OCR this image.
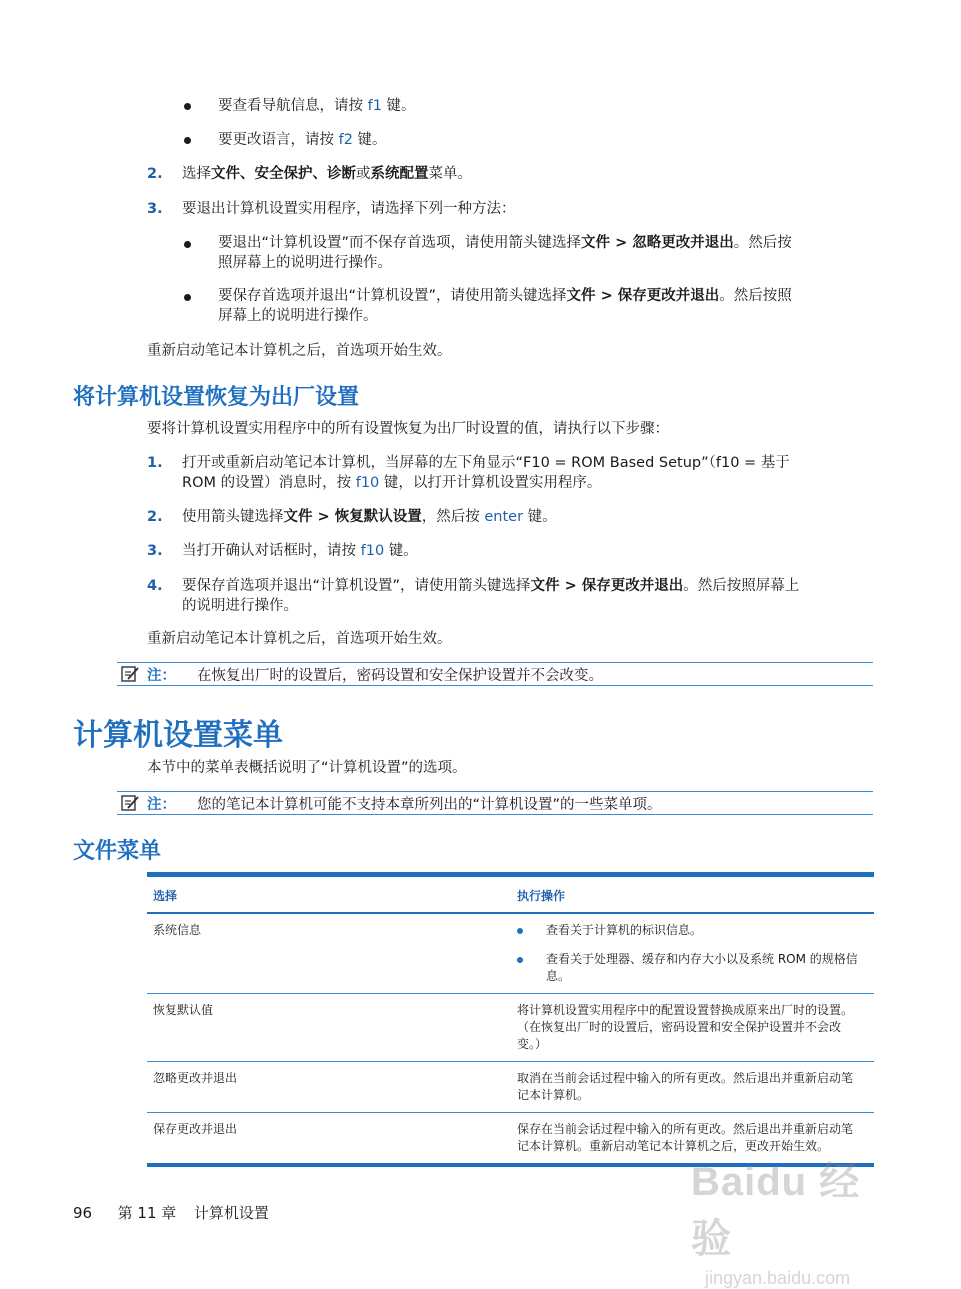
要查看导航信息，请按 f1 键。
要更改语言，请按 f2 键。
2. 选择文件、安全保护、诊断或系统配置菜单。
3. 要退出计算机设置实用程序，请选择下列一种方法：
要退出“计算机设置”而不保存首选项，请使用箭头键选择文件 > 忽略更改并退出。然后按
照屏幕上的说明进行操作。
要保存首选项并退出“计算机设置”，请使用箭头键选择文件 > 保存更改并退出。然后按照
屏幕上的说明进行操作。
重新启动笔记本计算机之后，首选项开始生效。
将计算机设置恢复为出厂设置
要将计算机设置实用程序中的所有设置恢复为出厂时设置的值，请执行以下步骤：
1. 打开或重新启动笔记本计算机，当屏幕的左下角显示“F10 = ROM Based Setup”（f10 = 基于
ROM 的设置）消息时，按 f10 键，以打开计算机设置实用程序。
2. 使用箭头键选择文件 > 恢复默认设置，然后按 enter 键。
3. 当打开确认对话框时，请按 f10 键。
4. 要保存首选项并退出“计算机设置”，请使用箭头键选择文件 > 保存更改并退出。然后按照屏幕上
的说明进行操作。
重新启动笔记本计算机之后，首选项开始生效。
注： 在恢复出厂时的设置后，密码设置和安全保护设置并不会改变。
计算机设置菜单
本节中的菜单表概括说明了“计算机设置”的选项。
注： 您的笔记本计算机可能不支持本章所列出的“计算机设置”的一些菜单项。
文件菜单
选择	执行操作
系统信息	查看关于计算机的标识信息。
查看关于处理器、缓存和内存大小以及系统 ROM 的规格信息。

恢复默认值	将计算机设置实用程序中的配置设置替换成原来出厂时的设置。（在恢复出厂时的设置后，密码设置和安全保护设置并不会改变。）
忽略更改并退出	取消在当前会话过程中输入的所有更改。然后退出并重新启动笔记本计算机。
保存更改并退出	保存在当前会话过程中输入的所有更改。然后退出并重新启动笔记本计算机。重新启动笔记本计算机之后，更改开始生效。
96 第 11 章 计算机设置
Baidu 经验
jingyan.baidu.com
